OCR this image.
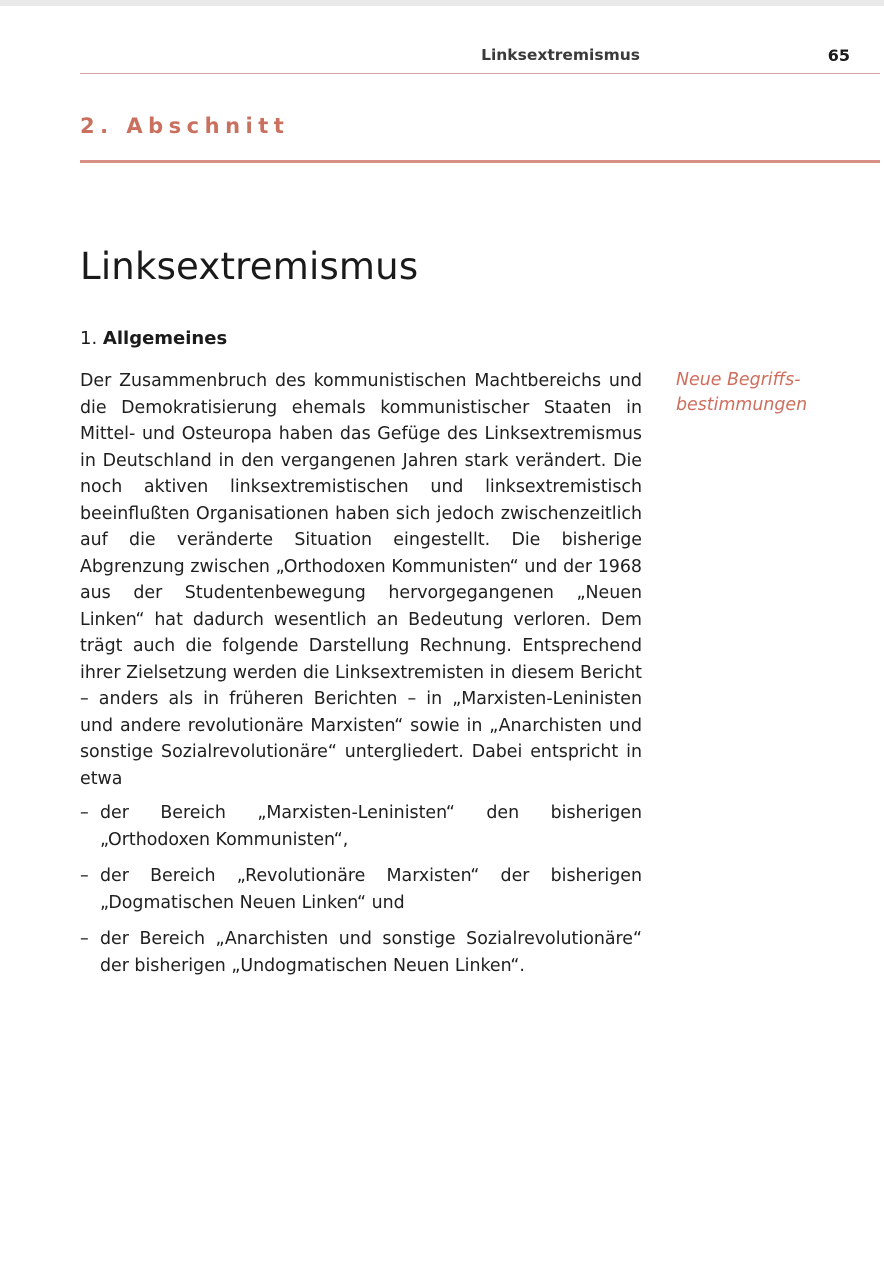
Linksextremismus	65
2. Abschnitt
Linksextremismus
1. Allgemeines
Neue Begriffs-
bestimmungen

Der Zusammenbruch des kommunistischen Machtbereichs und die Demokratisierung ehemals kommunistischer Staaten in Mittel- und Osteuropa haben das Gefüge des Linksextremismus in Deutschland in den vergangenen Jahren stark verändert. Die noch aktiven linksextremistischen und linksextremistisch beeinflußten Organisationen haben sich jedoch zwischenzeitlich auf die veränderte Situation eingestellt. Die bisherige Abgrenzung zwischen „Orthodoxen Kommunisten“ und der 1968 aus der Studentenbewegung hervorgegangenen „Neuen Linken“ hat dadurch wesentlich an Bedeutung verloren. Dem trägt auch die folgende Darstellung Rechnung. Entsprechend ihrer Zielsetzung werden die Linksextremisten in diesem Bericht – anders als in früheren Berichten – in „Marxisten-Leninisten und andere revolutionäre Marxisten“ sowie in „Anarchisten und sonstige Sozialrevolutionäre“ untergliedert. Dabei entspricht in etwa

– der Bereich „Marxisten-Leninisten“ den bisherigen „Orthodoxen Kommunisten“,
– der Bereich „Revolutionäre Marxisten“ der bisherigen „Dogmatischen Neuen Linken“ und
– der Bereich „Anarchisten und sonstige Sozialrevolutionäre“ der bisherigen „Undogmatischen Neuen Linken“.
